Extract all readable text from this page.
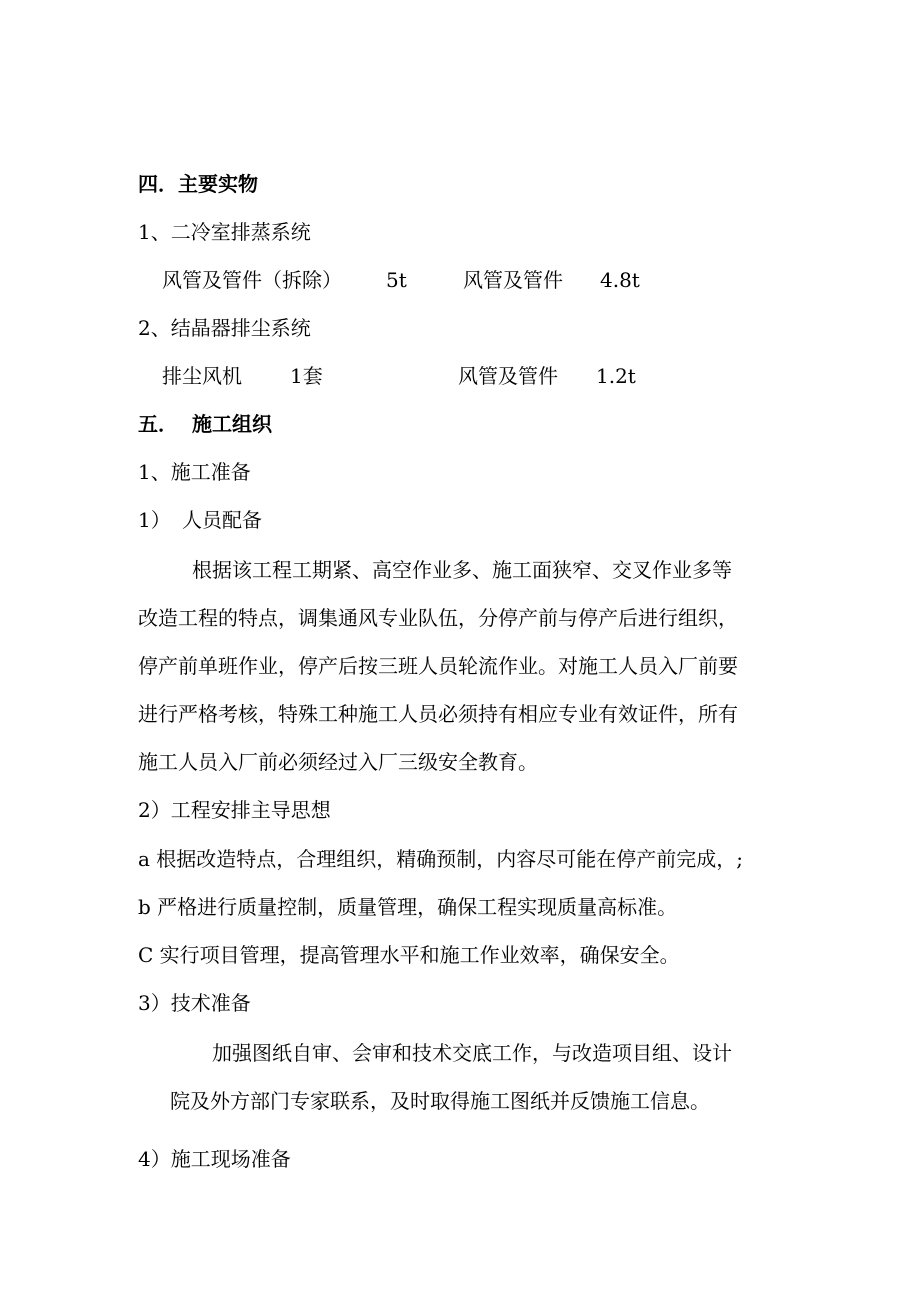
四．主要实物
1、二冷室排蒸系统
风管及管件（拆除） 5t	风管及管件 4.8t
2、结晶器排尘系统
排尘风机 1套	风管及管件 1.2t
五． 施工组织
1、施工准备
1） 人员配备
根据该工程工期紧、高空作业多、施工面狭窄、交叉作业多等
改造工程的特点，调集通风专业队伍，分停产前与停产后进行组织，
停产前单班作业，停产后按三班人员轮流作业。对施工人员入厂前要
进行严格考核，特殊工种施工人员必须持有相应专业有效证件，所有
施工人员入厂前必须经过入厂三级安全教育。
2）工程安排主导思想
a 根据改造特点，合理组织，精确预制，内容尽可能在停产前完成，;
b 严格进行质量控制，质量管理，确保工程实现质量高标准。
C 实行项目管理，提高管理水平和施工作业效率，确保安全。
3）技术准备
加强图纸自审、会审和技术交底工作，与改造项目组、设计
院及外方部门专家联系，及时取得施工图纸并反馈施工信息。
4）施工现场准备
